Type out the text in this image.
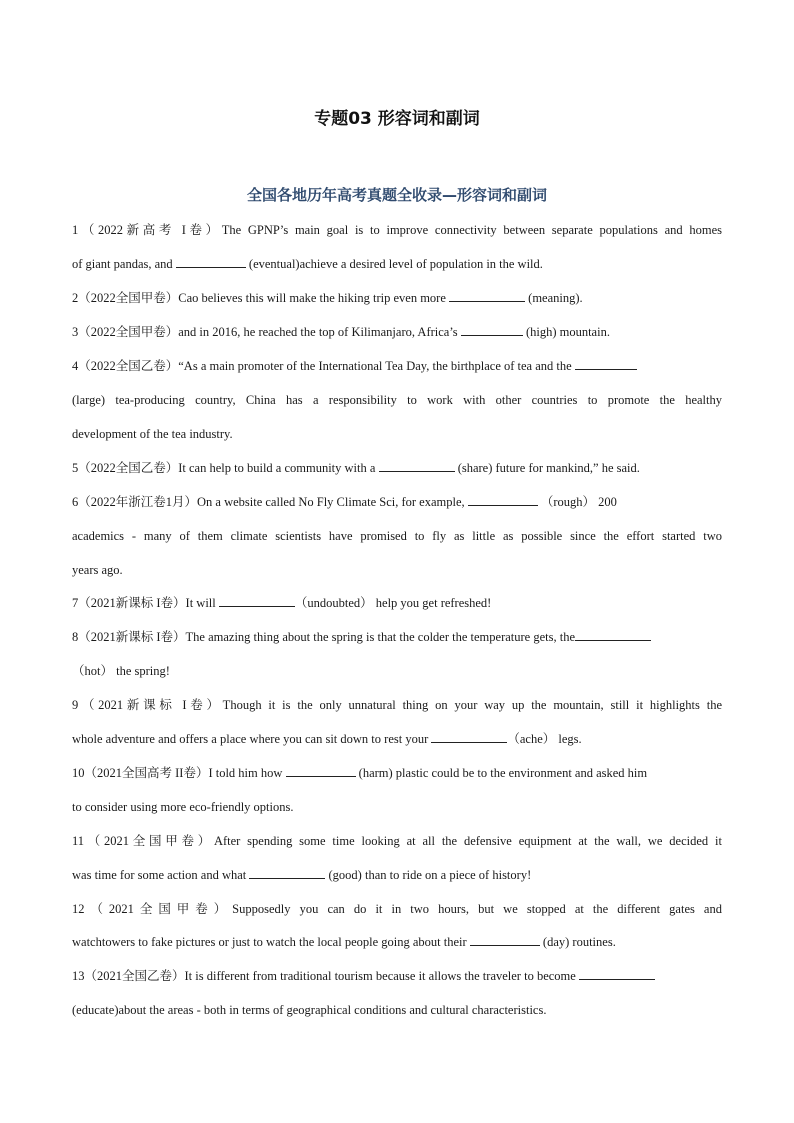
专题03 形容词和副词
全国各地历年高考真题全收录—形容词和副词
1（2022新高考 I卷）The GPNP’s main goal is to improve connectivity between separate populations and homes
of giant pandas, and	(eventual)achieve a desired level of population in the wild.
2（2022全国甲卷）Cao believes this will make the hiking trip even more	(meaning).
3（2022全国甲卷）and in 2016, he reached the top of Kilimanjaro, Africa’s	(high) mountain.
4（2022全国乙卷）“As a main promoter of the International Tea Day, the birthplace of tea and the
(large) tea-producing country, China has a responsibility to work with other countries to promote the healthy
development of the tea industry.
5（2022全国乙卷）It can help to build a community with a	(share) future for mankind,” he said.
6（2022年浙江卷1月）On a website called No Fly Climate Sci, for example,	（rough） 200
academics - many of them climate scientists have promised to fly as little as possible since the effort started two
years ago.
7（2021新课标 I卷）It will	（undoubted） help you get refreshed!
8（2021新课标 I卷）The amazing thing about the spring is that the colder the temperature gets, the
（hot） the spring!
9（2021新课标 I卷）Though it is the only unnatural thing on your way up the mountain, still it highlights the
whole adventure and offers a place where you can sit down to rest your	（ache） legs.
10（2021全国高考 II卷）I told him how	(harm) plastic could be to the environment and asked him
to consider using more eco-friendly options.
11（2021全国甲卷）After spending some time looking at all the defensive equipment at the wall, we decided it
was time for some action and what	(good) than to ride on a piece of history!
12（2021全国甲卷）Supposedly you can do it in two hours, but we stopped at the different gates and
watchtowers to fake pictures or just to watch the local people going about their	(day) routines.
13（2021全国乙卷）It is different from traditional tourism because it allows the traveler to become
(educate)about the areas - both in terms of geographical conditions and cultural characteristics.
